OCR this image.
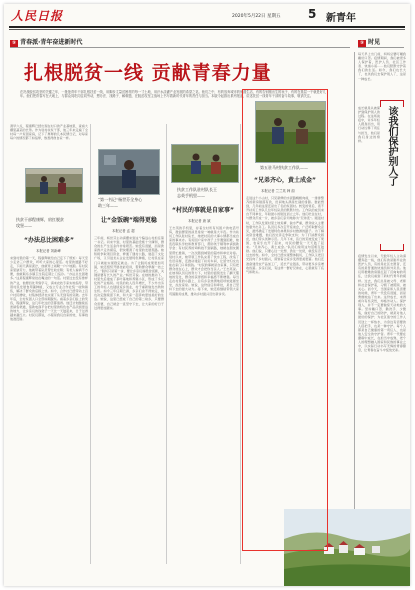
人民日报	2020年5月22日 星期五 5 新青年
⑤ 青春派·青年奋进新时代	⑤ 时见
扎根脱贫一线 贡献青春力量
在决战脱贫攻坚的关键之年，一批批青年干部扎根扶贫一线，用脚步丈量贫困村的每一寸土地，用汗水浇灌产业发展的希望之花。他们之中，有的放弃城市的优渥生活，有的告别刚出生的孩子，有的在基层一干就是好几年。他们把青春写在大地上，与群众同吃同住同劳动，想办法、找路子、解难题，在脱贫攻坚主战场上书写着新时代青年的责任与担当。本版今起推出系列报道，讲述扶贫一线青年干部的奋斗故事，敬请关注。
清早六点，程康辉已经出现在村口的产业基地里，查看大棚里蔬菜的长势。作为驻村扶贫干部，他三年来走遍了全村每一户贫困家庭，记下了厚厚的几本民情日记，对每家每户的情况都了如指掌，熟悉得像自家一样。
扶贫干部程康辉，肩扛脱贫
攻坚——
“办法总比困难多”
本报记者 刘新峰
来到村里的第一天，程康辉就给自己定下了规矩：每天至少走访三户群众，听听大家的心里话。村里的道路不好走，下雨天满是泥泞，他就穿上雨靴一户户地跑。有村民家里缺劳力，他就带着队员帮忙收庄稼；有老人看病不方便，他就联系乡镇卫生院定期上门巡诊。“办法总比困难多。”这是程康辉常挂在嘴边的一句话。村里过去没有像样的产业，他便四处考察学习，请来农技专家实地指导，带领村民发展食用菌种植，又成立专业合作社统一收购销售，解决了群众的后顾之忧。如今，合作社已经带动上百户村民增收，村集体经济也实现了从无到有的突破。去年年底，全村贫困人口全部如期脱贫。看着乡亲们脸上的笑容，程康辉说，这几年吃过的苦都值得。他还计划继续拓宽销售渠道，借助电商平台把村里的特色农产品卖到更远的地方，让乡亲们的钱袋子一天比一天鼓起来，日子过得越来越红火。村民们都说，小程是我们自家的娃，有事找他准没错。
“第一书记”杨世芬全身心
助三年——
让“金饭碗”端得更稳
本报记者 孟 超
三年前，杨世芬主动请缨来到这个偏远山村担任第一书记。初来乍到，村里的基础设施十分薄弱，群众的生产生活条件非常艰苦。她没有退缩，而是挨家挨户走访摸底，很快理清了村里的发展思路。她积极争取项目资金，修通了通村公路，建起了文化广场，又引进龙头企业发展特色种植，让村民在家门口就能实现稳定就业。为了让脱贫成果更加巩固，她还组织开展技能培训，帮助群众掌握一技之长。“脱贫只是第一步，要让乡亲们端稳金饭碗，关键是要有长久的产业。”杨世芬说。在她的推动下，村里先后建成了茶叶基地和养殖小区，形成了多元化的产业格局。村民的收入连年增长，不少外出务工的年轻人也陆续返乡创业，村子重新焕发出勃勃生机。如今三年任期已满，乡亲们舍不得她走，她也决定继续留下来，和大家一起奔向更加美好的生活。她说，这里已经成了自己的第二故乡，只要群众需要，自己就会一直坚守下去，让大家的好日子过得更加踏实。
扶贫工作队驻村队长王
志英手机里——
“村民的事就是自家事”
本报记者 唐 斌
王志英的手机里，存着全村所有贫困户的电话号码，微信群里的消息常常一响就是大半夜。作为扶贫工作队驻村队长，她把村民的大事小情都当成自家的事来办。有贫困户家中孩子上学遇到困难，她连夜联系学校和教育部门，帮助孩子顺利申请到助学金；有村民养的鸡鸭找不到销路，她就在朋友圈里帮忙推销，一次次跑到城里的超市和单位对接。驻村以来，她带领工作队完善了饮水工程，改造了危旧房屋，还推动建起了扶贫车间，让留守妇女也能在家门口挣到钱。“村民的事就是自家事，只有把群众放在心上，群众才会把你当亲人。”王志英说。在她和队员们的努力下，村里的面貌发生了翻天覆地的变化，群众的获得感和幸福感不断增强。每当走在村里的小路上，总有乡亲热情地招呼她进屋坐坐，拉拉家常。她说，这份信任和牵挂，是自己坚持下去的最大动力。接下来，她还将继续带领大家巩固脱贫成果，推动乡村振兴迈出新步伐。
第五驻马村扶贫工作队——
“兄弟齐心，黄土成金”
本报记者 兰兰英 韩 韵
走进这个小山村，只见新修的水泥路蜿蜒向前，一排排整齐的新房错落有致，田间地头满是忙碌的身影。谁能想到，几年前这里还是出了名的贫困村。转变的背后，离不开扶贫工作队几位年轻队员的默默付出。工作队的成员来自不同单位，年龄最小的刚过而立之年。他们吃住在村，与群众打成一片，被乡亲们亲切地称为“兄弟连”。刚进村时，工作队发现村里土地贫瘠、缺水严重，群众收入主要依靠外出务工。队员们多次召开座谈会，广泛听取群众意见，最终确定了发展特色林果和乡村旅游的路子。为了解决资金难题，他们四处奔走争取支持；为了打消群众顾虑，他们带头试种示范。几年下来，昔日的荒坡变成了果园，农家乐也开了起来，村民的腰包一天天鼓了起来。“兄弟齐心，黄土成金。”队员们常用这句话相互鼓励。他们说，只要心往一处想、劲往一处使，就没有迈不过去的坎。如今，全村已经实现整体脱贫，工作队又把目光投向了乡村振兴，谋划着让家乡变得更美更富。他们还准备建设农产品加工厂，延长产业链条，带动更多乡亲增收致富。乡亲们说，有这样一群好兄弟在，心里就有了底气和盼头。
每天早上出门前，妈妈总要叮嘱我戴好口罩。疫情期间，我们被很多人保护着，医护人员、社区工作者、快递小哥……他们默默守护着我们的生活。如今，我们也长大了，也该我们去保护别人了，这是一种成长。
该我们保护别人了
成长就是从被保护到保护别人的过程。在这场战疫中，许多年轻人挺身而出，用行动诠释了责任与担当，他们是我们身边的榜样。
疫情发生以来，无数年轻人主动请缨奔赴一线，他们有的是刚毕业的医护人员，有的是社区志愿者，还有的是普通的快递员和外卖员。他们用稚嫩的肩膀扛起了沉甸甸的责任，让我们看到了新时代青年的模样。过去，我们总是被父母、老师和社会保护着，习惯了被照顾、被关心。而今天，当国家和人民需要的时候，青年一代没有退缩，而是勇敢地站了出来。这份成长，来得或许有些突然，却格外动人。保护别人，并不一定要做惊天动地的大事。坚持戴口罩、勤洗手、少聚集，做好自己的防护，就是对他人最好的保护；为社区值守的工作人员送上一杯热水，为身边有需要的人搭把手，也是一种守护。每个人都是自己健康的第一责任人，也是他人安全的守护者。青年一代要在磨砺中成长，在担当中成熟，把个人的理想融入国家和民族的事业之中，以实际行动书写无悔的青春篇章，让青春在奋斗中绽放光彩。
